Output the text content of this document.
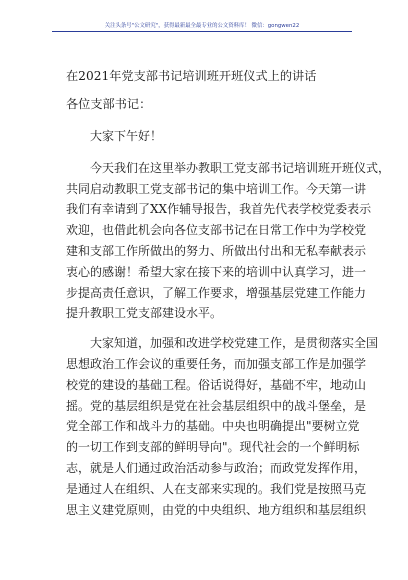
关注头条号"公文研究"，获得最新最全最专业的公文资料库！ 微信：gongwen22
在2021年党支部书记培训班开班仪式上的讲话
各位支部书记：

大家下午好！

今天我们在这里举办教职工党支部书记培训班开班仪式，
共同启动教职工党支部书记的集中培训工作。今天第一讲
我们有幸请到了XX作辅导报告，我首先代表学校党委表示
欢迎，也借此机会向各位支部书记在日常工作中为学校党
建和支部工作所做出的努力、所做出付出和无私奉献表示
衷心的感谢！希望大家在接下来的培训中认真学习，进一
步提高责任意识，了解工作要求，增强基层党建工作能力
提升教职工党支部建设水平。

大家知道，加强和改进学校党建工作，是贯彻落实全国
思想政治工作会议的重要任务，而加强支部工作是加强学
校党的建设的基础工程。俗话说得好，基础不牢，地动山
摇。党的基层组织是党在社会基层组织中的战斗堡垒，是
党全部工作和战斗力的基础。中央也明确提出"要树立党
的一切工作到支部的鲜明导向"。现代社会的一个鲜明标
志，就是人们通过政治活动参与政治；而政党发挥作用，
是通过人在组织、人在支部来实现的。我们党是按照马克
思主义建党原则，由党的中央组织、地方组织和基层组织
